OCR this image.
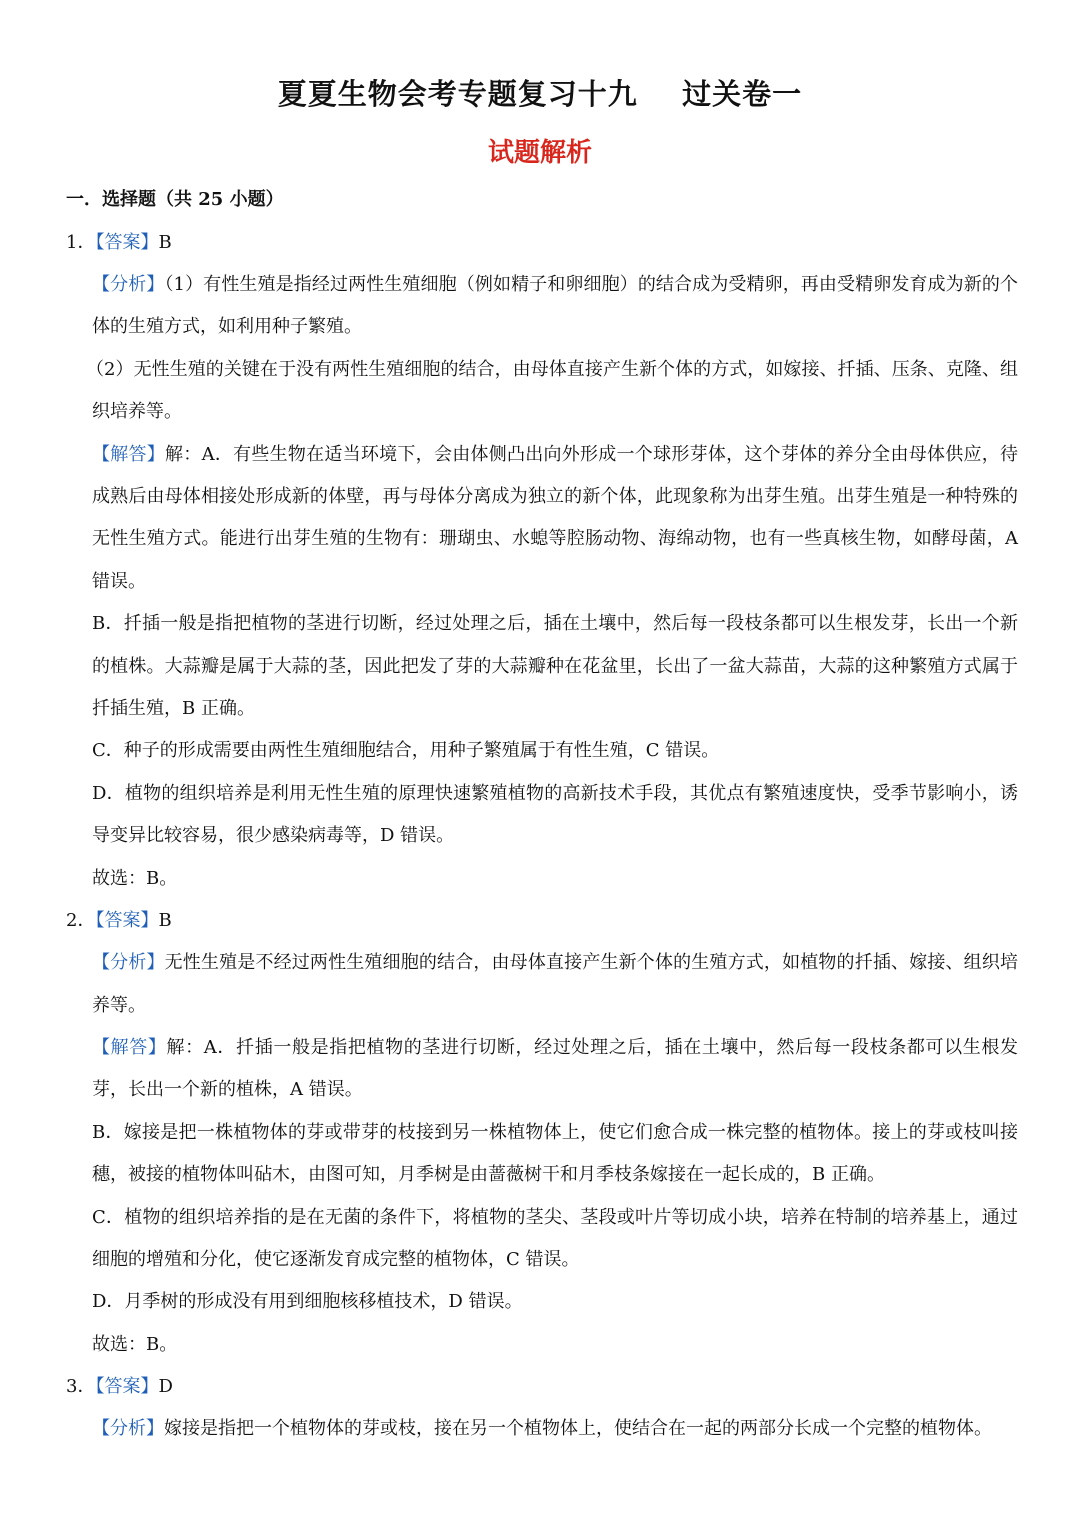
夏夏生物会考专题复习十九    过关卷一
试题解析
一．选择题（共 25 小题）
1．【答案】B

【分析】（1）有性生殖是指经过两性生殖细胞（例如精子和卵细胞）的结合成为受精卵，再由受精卵发育成为新的个体的生殖方式，如利用种子繁殖。

（2）无性生殖的关键在于没有两性生殖细胞的结合，由母体直接产生新个体的方式，如嫁接、扦插、压条、克隆、组织培养等。

【解答】解：A．有些生物在适当环境下，会由体侧凸出向外形成一个球形芽体，这个芽体的养分全由母体供应，待成熟后由母体相接处形成新的体壁，再与母体分离成为独立的新个体，此现象称为出芽生殖。出芽生殖是一种特殊的无性生殖方式。能进行出芽生殖的生物有：珊瑚虫、水螅等腔肠动物、海绵动物，也有一些真核生物，如酵母菌，A 错误。

B．扦插一般是指把植物的茎进行切断，经过处理之后，插在土壤中，然后每一段枝条都可以生根发芽，长出一个新的植株。大蒜瓣是属于大蒜的茎，因此把发了芽的大蒜瓣种在花盆里，长出了一盆大蒜苗，大蒜的这种繁殖方式属于扦插生殖，B 正确。

C．种子的形成需要由两性生殖细胞结合，用种子繁殖属于有性生殖，C 错误。

D．植物的组织培养是利用无性生殖的原理快速繁殖植物的高新技术手段，其优点有繁殖速度快，受季节影响小，诱导变异比较容易，很少感染病毒等，D 错误。

故选：B。

2．【答案】B

【分析】无性生殖是不经过两性生殖细胞的结合，由母体直接产生新个体的生殖方式，如植物的扦插、嫁接、组织培养等。

【解答】解：A．扦插一般是指把植物的茎进行切断，经过处理之后，插在土壤中，然后每一段枝条都可以生根发芽，长出一个新的植株，A 错误。

B．嫁接是把一株植物体的芽或带芽的枝接到另一株植物体上，使它们愈合成一株完整的植物体。接上的芽或枝叫接穗，被接的植物体叫砧木，由图可知，月季树是由蔷薇树干和月季枝条嫁接在一起长成的，B 正确。

C．植物的组织培养指的是在无菌的条件下，将植物的茎尖、茎段或叶片等切成小块，培养在特制的培养基上，通过细胞的增殖和分化，使它逐渐发育成完整的植物体，C 错误。

D．月季树的形成没有用到细胞核移植技术，D 错误。

故选：B。

3．【答案】D

【分析】嫁接是指把一个植物体的芽或枝，接在另一个植物体上，使结合在一起的两部分长成一个完整的植物体。
